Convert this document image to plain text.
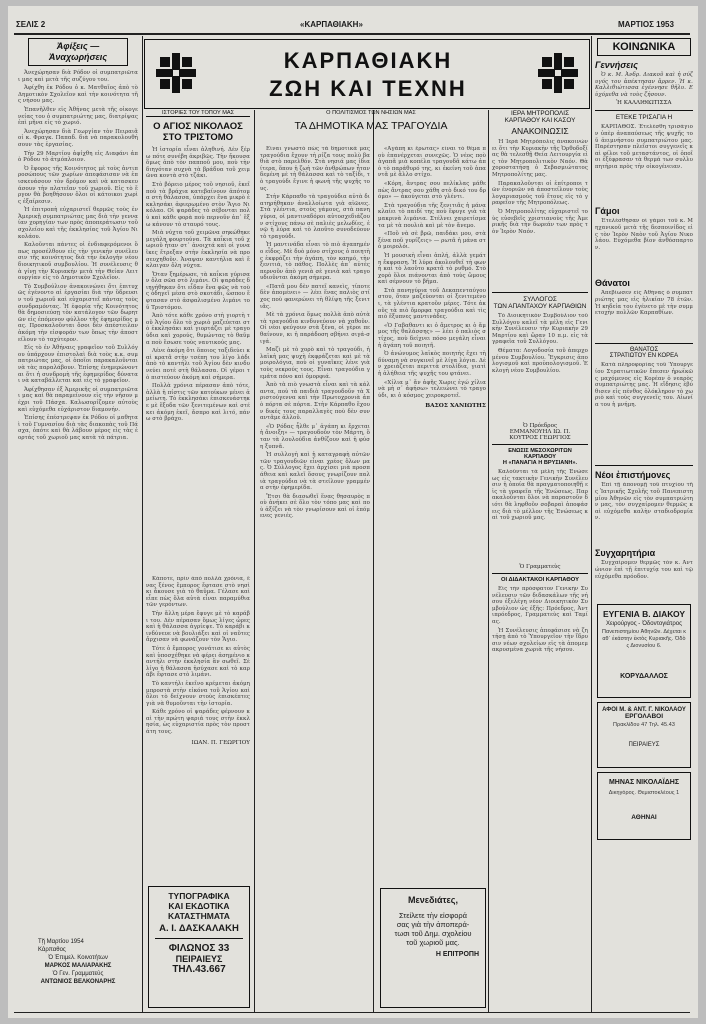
ΣΕΛΙΣ 2	«ΚΑΡΠΑΘΙΑΚΗ»	ΜΑΡΤΙΟΣ 1953
ΚΑΡΠΑΘΙΑΚΗ
ΖΩΗ ΚΑΙ ΤΕΧΝΗ
Ἀφίξεις — Ἀναχωρήσεις

Ἀνεχώρησαν διὰ Ρόδον οἱ συμπατριῶται μας καὶ μετὰ τῆς συζύγου του.

Ἀφίχθη ἐκ Ρόδου ὁ κ. Ματθαῖος ἀπὸ τὸ Δημοτικὸν Σχολεῖον καὶ τὴν κοινότητα τῆς νήσου μας.

Ἐπανῆλθεν εἰς Ἀθήνας μετὰ τῆς οἰκογενείας του ὁ συμπατριώτης μας, διατρίψας ἐπὶ μῆνα εἰς τὸ χωριό.

Ἀνεχώρησαν διὰ Γεωργίαν τὸν Πειραιᾶ οἱ κ. Φραγκ. Παπαδ. διὰ νὰ παρακολουθήσουν τὰς ἐργασίας.

Τὴν 29 Μαρτίου ἀφίχθη εἰς Διαφάνι ἀπὸ Ρόδου τὸ ἀτμόπλοιον.

Ὁ ἔφορος τῆς Κοινότητος μὲ τοὺς ἀντιπροσώπους τῶν χωρίων ἀπεφάσισαν νὰ ἐπισκευάσουν τὸν δρόμον καὶ νὰ κατασκευάσουν τὴν πλατεῖαν τοῦ χωριοῦ. Εἰς τὸ ἔργον θὰ βοηθήσουν ὅλοι οἱ κάτοικοι χωρὶς ἐξαίρεσιν.

Ἡ ἐπιτροπὴ εὐχαριστεῖ θερμῶς τοὺς ἐν Ἀμερικῇ συμπατριώτας μας διὰ τὴν γενναίαν χορηγίαν των πρὸς ἀποπεράτωσιν τοῦ σχολείου καὶ τῆς ἐκκλησίας τοῦ Ἁγίου Νικολάου.

Καλοῦνται πάντες οἱ ἐνδιαφερόμενοι ὅπως προσέλθουν εἰς τὴν γενικὴν συνέλευσιν τῆς κοινότητος διὰ τὴν ἐκλογὴν νέου διοικητικοῦ συμβουλίου. Ἡ συνέλευσις θὰ γίνῃ τὴν Κυριακήν μετὰ τὴν Θείαν Λειτουργίαν εἰς τὸ Δημοτικὸν Σχολεῖον.

Τὸ Συμβούλιον ἀνακοινώνει ὅτι ἐπιτυχῶς ἐγένοντο αἱ ἐργασίαι διὰ τὴν ὕδρευσιν τοῦ χωριοῦ καὶ εὐχαριστεῖ πάντας τοὺς συνδραμόντας. Ἡ ἐφορία τῆς Κοινότητος θὰ δημοσιεύσῃ τὸν κατάλογον τῶν δωρητῶν εἰς ἑπόμενον φύλλον τῆς ἐφημερίδος μας. Προσκαλοῦνται ὅσοι δὲν ἀπέστειλαν ἀκόμη τὴν εἰσφοράν των ὅπως τὴν ἀποστείλουν τὸ ταχύτερον.

Εἰς τὸ ἐν Ἀθήναις γραφεῖον τοῦ Συλλόγου ὑπάρχουν ἐπιστολαὶ διὰ τοὺς κ.κ. συμπατριώτας μας, οἱ ὁποῖοι παρακαλοῦνται νὰ τὰς παραλάβουν. Ἐπίσης ἐνημερώνονται ὅτι ἡ συνδρομὴ τῆς ἐφημερίδος δύναται νὰ καταβάλλεται καὶ εἰς τὸ γραφεῖον.

Ἀφίχθησαν ἐξ Ἀμερικῆς οἱ συμπατριῶται μας καὶ θὰ παραμείνουν εἰς τὴν νῆσον μέχρι τοῦ Πάσχα. Καλωσορίζομεν αὐτοὺς καὶ εὐχόμεθα εὐχάριστον διαμονήν.

Ἐπίσης ἐπέστρεψαν ἐκ Ρόδου οἱ μαθηταὶ τοῦ Γυμνασίου διὰ τὰς διακοπὰς τοῦ Πάσχα, ὁπότε καὶ θὰ λάβουν μέρος εἰς τὰς ἑορτάς τοῦ χωριοῦ μας κατὰ τὰ πάτρια.

Τῇ Μαρτίου 1954
Κάρπαθος
Ὁ Ἐπιμελ. Κοινοτήτων
ΜΑΡΚΟΣ ΜΑΛΙΑΡΑΚΗΣ
Ὁ Γεν. Γραμματεύς
ΑΝΤΩΝΙΟΣ ΒΕΛΚΟΝΑΡΗΣ
ΙΣΤΟΡΙΕΣ ΤΟΥ ΤΟΠΟΥ ΜΑΣ
Ο ΑΓΙΟΣ ΝΙΚΟΛΑΟΣ
ΣΤΟ ΤΡΙΣΤΟΜΟ

Ἡ ἱστορία εἶναι ἀληθινή. Δὲν ξέρω πότε συνέβη ἀκριβῶς. Τὴν ἤκουσα ὅμως ἀπὸ τὸν παπποῦ μου, ποὺ τὴν διηγόταν συχνὰ τὰ βράδυα τοῦ χειμῶνα κοντὰ στὸ τζάκι.

Στὸ βόρειο μέρος τοῦ νησιοῦ, ἐκεῖ ποὺ τὰ βράχια κατεβαίνουν ἀπότομα στὴ θάλασσα, ὑπάρχει ἕνα μικρὸ ἐκκλησάκι ἀφιερωμένο στὸν Ἅγιο Νικόλαο. Οἱ ψαράδες τὸ σέβονται πολὺ καὶ κάθε φορὰ ποὺ περνοῦν ἀπ᾽ ἔξω κάνουν τὸ σταυρό τους.

Μιὰ νύχτα τοῦ χειμῶνα σηκώθηκε μεγάλη φουρτούνα. Τὰ καΐκια τοῦ χωριοῦ ἦταν στ᾽ ἀνοιχτά καὶ οἱ γυναῖκες ἔτρεξαν στὴν ἐκκλησία νὰ προσευχηθοῦν. Ἀναψαν καντήλια καὶ ἔκλαιγαν ὅλη νύχτα.

Ὅταν ξημέρωσε, τὰ καΐκια γύρισαν ὅλα σῶα στὸ λιμάνι. Οἱ ψαράδες διηγήθηκαν ὅτι εἶδαν ἕνα φῶς νὰ τοὺς ὁδηγεῖ μέσα στὸ σκοτάδι, ὥσπου ἔφτασαν στὸ ἀσφαλισμένο λιμάνι τοῦ Τριστόμου.

Ἀπὸ τότε κάθε χρόνο στὴ γιορτὴ τοῦ Ἁγίου ὅλο τὸ χωριὸ μαζεύεται στὸ ἐκκλησάκι καὶ γιορτάζει μὲ τραγούδια καὶ χορούς, θυμώντας τὸ θαῦμα ποὺ ἔσωσε τοὺς ναυτικούς μας.

Λένε ἀκόμη ὅτι ὅποιος ταξιδεύει καὶ κρατᾶ στὴν τσέπη του λίγο λάδι ἀπὸ τὸ καντήλι τοῦ Ἁγίου δὲν κινδυνεύει ποτὲ στὴ θάλασσα. Οἱ γέροι τὸ πιστεύουν ἀκόμη καὶ σήμερα.

Πολλὰ χρόνια πέρασαν ἀπὸ τότε, ἀλλὰ ἡ πίστις τῶν κατοίκων μένει ἀμείωτη. Τὸ ἐκκλησάκι ἐπισκευάστηκε μὲ ἔξοδα τῶν ξενιτεμένων καὶ στέκει ἀκόμη ἐκεῖ, ἄσπρο καὶ λιτό, πάνω στὸ βράχο.

Κάποτε, πρὶν ἀπὸ πολλὰ χρόνια, ἕνας ξένος ἔμπορος ἔφτασε στὸ νησὶ κι ἄκουσε γιὰ τὸ θαῦμα. Γέλασε καὶ εἶπε πὼς ὅλα αὐτὰ εἶναι παραμύθια τῶν γερόντων.

Τὴν ἄλλη μέρα ἔφυγε μὲ τὸ καράβι του. Δὲν πέρασαν ὅμως λίγες ὧρες καὶ ἡ θάλασσα ἀγρίεψε. Τὸ καράβι κινδύνευε νὰ βουλιάξει καὶ οἱ ναῦτες ἄρχισαν νὰ φωνάζουν τὸν Ἅγιο.

Τότε ὁ ἔμπορος γονάτισε κι αὐτὸς καὶ ὑποσχέθηκε νὰ φέρει ἀσημένιο καντήλι στὴν ἐκκλησία ἂν σωθεῖ. Σὲ λίγο ἡ θάλασσα ἡσύχασε καὶ τὸ καράβι ἔφτασε στὸ λιμάνι.

Τὸ καντήλι ἐκεῖνο κρέμεται ἀκόμη μπροστὰ στὴν εἰκόνα τοῦ Ἁγίου καὶ ὅλοι τὸ δείχνουν στοὺς ἐπισκέπτες γιὰ νὰ θυμοῦνται τὴν ἱστορία.

Κάθε χρόνο οἱ ψαράδες φέρνουν καὶ τὴν πρώτη ψαριά τους στὴν ἐκκλησία, ὡς εὐχαριστία πρὸς τὸν προστάτη τους.

ΙΩΑΝ. Π. ΓΕΩΡΓΙΟΥ
ΤΥΠΟΓΡΑΦΙΚΑ
ΚΑΙ ΕΚΔΟΤΙΚΑ
ΚΑΤΑΣΤΗΜΑΤΑ
Α. Ι. ΔΑΣΚΑΛΑΚΗ
ΦΙΛΩΝΟΣ 33
ΠΕΙΡΑΙΕΥΣ
ΤΗΛ.43.667
Ο ΠΟΛΙΤΙΣΜΟΣ ΤΩΝ ΝΗΣΙΩΝ ΜΑΣ
ΤΑ ΔΗΜΟΤΙΚΑ ΜΑΣ ΤΡΑΓΟΥΔΙΑ

Εἶναι γνωστὸ πὼς τὰ δημοτικά μας τραγούδια ἔχουν τὴ ρίζα τους πολὺ βαθιὰ στὸ παρελθόν. Στὰ νησιά μας ἰδιαίτερα, ὅπου ἡ ζωὴ τῶν ἀνθρώπων ἦταν δεμένη μὲ τὴ θάλασσα καὶ τὸ ταξίδι, τὸ τραγούδι ἔγινε ἡ φωνὴ τῆς ψυχῆς τους.

Στὴν Κάρπαθο τὰ τραγούδια αὐτὰ διατηρήθηκαν ἀναλλοίωτα γιὰ αἰῶνες. Στὰ γλέντια, στοὺς γάμους, στὰ πανηγύρια, οἱ μαντιναδόροι αὐτοσχεδιάζουν στίχους πάνω σὲ παλιὲς μελωδίες, ἐνῷ ἡ λύρα καὶ τὸ λαοῦτο συνοδεύουν τὸ τραγούδι.

Ἡ μαντινάδα εἶναι τὸ πιὸ ἀγαπημένο εἶδος. Μὲ δυὸ μόνο στίχους ὁ ποιητὴς ἐκφράζει τὴν ἀγάπη, τὸν καημό, τὴν ξενιτιά, τὸ πάθος. Πολλὲς ἀπ᾽ αὐτὲς περνοῦν ἀπὸ γενιὰ σὲ γενιὰ καὶ τραγουδιοῦνται ἀκόμη σήμερα.

«Πατᾶ μου δὲν πατεῖ κανεὶς, τίποτε δὲν ἀπομένει» — λέει ἕνας παλιὸς στίχος ποὺ φανερώνει τὴ θλίψη τῆς ξενιτιᾶς.

Μὲ τὰ χρόνια ὅμως πολλὰ ἀπὸ αὐτὰ τὰ τραγούδια κινδυνεύουν νὰ χαθοῦν. Οἱ νέοι φεύγουν στὰ ξένα, οἱ γέροι πεθαίνουν, κι ἡ παράδοση σβήνει σιγά-σιγά.

Μαζὶ μὲ τὸ χορὸ καὶ τὸ τραγούδι, ἡ λαϊκὴ μας ψυχὴ ἐκφράζεται καὶ μὲ τὰ μοιρολόγια, ποὺ οἱ γυναῖκες λένε γιὰ τοὺς νεκρούς τους. Εἶναι τραγούδια γεμάτα πόνο καὶ ὀμορφιά.

Ἀπὸ τὰ πιὸ γνωστὰ εἶναι καὶ τὰ κάλαντα, ποὺ τὰ παιδιὰ τραγουδοῦν τὰ Χριστούγεννα καὶ τὴν Πρωτοχρονιὰ ἀπὸ πόρτα σὲ πόρτα. Στὴν Κάρπαθο ἔχουν δικές τους παραλλαγὲς ποὺ δὲν συναντᾶμε ἀλλοῦ.

«Ὁ Ρόδας ἦλθε μ᾽ ἀγάπη κι ἔρχεται ἡ ἄνοιξη» — τραγουδοῦν τὸν Μάρτη, ὅταν τὰ λουλούδια ἀνθίζουν καὶ ἡ φύση ξυπνᾶ.

Ἡ συλλογὴ καὶ ἡ καταγραφὴ αὐτῶν τῶν τραγουδιῶν εἶναι χρέος ὅλων μας. Ὁ Σύλλογος ἔχει ἀρχίσει μιὰ προσπάθεια καὶ καλεῖ ὅσους γνωρίζουν παλιὰ τραγούδια νὰ τὰ στείλουν γραμμένα στὴν ἐφημερίδα.

Ἔτσι θὰ διασωθεῖ ἕνας θησαυρὸς ποὺ ἀνήκει σὲ ὅλο τὸν τόπο μας καὶ ποὺ ἀξίζει νὰ τὸν γνωρίσουν καὶ οἱ ἑπόμενες γενιές.

«Ἀγάπη κι ἔρωτας» εἶναι τὸ θέμα ποὺ ἐπανέρχεται συνεχῶς. Ὁ νέος ποὺ ἀγαπᾶ μιὰ κοπέλα τραγουδᾶ κάτω ἀπὸ τὸ παράθυρό της, κι ἐκείνη τοῦ ἀπαντᾶ μὲ ἄλλο στίχο.

«Κόρη, ἄντρας σου πελίκλας μάθε πὼς ἄντρας σου χάθη στὸ δικό του δρόμο» — ἀκούγεται στὸ γλέντι.

Στὰ τραγούδια τῆς ξενιτιᾶς ἡ μάνα κλαίει τὸ παιδί της ποὺ ἔφυγε γιὰ τὰ μακρινὰ λιμάνια. Στέλνει χαιρετίσματα μὲ τὰ πουλιὰ καὶ μὲ τὸν ἄνεμο.

«Ποῦ νὰ σὲ βρῶ, παιδάκι μου, στὰ ξένα ποῦ γυρίζεις» — ρωτᾶ ἡ μάνα στὸ μοιρολόι.

Ἡ μουσικὴ εἶναι ἁπλή, ἀλλὰ γεμάτη ἔκφραση. Ἡ λύρα ἀκολουθεῖ τὴ φωνὴ καὶ τὸ λαοῦτο κρατᾶ τὸ ρυθμό. Στὸ χορὸ ὅλοι πιάνονται ἀπὸ τοὺς ὤμους καὶ σέρνουν τὸ βῆμα.

Στὰ πανηγύρια τοῦ Δεκαπενταύγουστου, ὅταν μαζεύονται οἱ ξενιτεμένοι, τὰ γλέντια κρατοῦν μέρες. Τότε ἀκοῦς τὰ πιὸ ὄμορφα τραγούδια καὶ τὶς πιὸ ἔξυπνες μαντινάδες.

«Ὁ Γαβαθαντι κι ὁ ἄμετρος κι ὁ ἄμμος τῆς θαλάσσης» — λέει ὁ παλιὸς στίχος, ποὺ δείχνει πόσο μεγάλη εἶναι ἡ ἀγάπη τοῦ ποιητῆ.

Ὁ ἀνώνυμος λαϊκὸς ποιητὴς ἔχει τὴ δύναμη νὰ συγκινεῖ μὲ λίγα λόγια. Δὲν χρειάζεται περιττὰ στολίδια, γιατὶ ἡ ἀλήθεια τῆς ψυχῆς του φτάνει.

«Χίλια μ᾽ ἄν ἀφῆς Χωρις ἐγώ χίλια νὰ μὴ σ᾽ ἀφήσω» τελειώνει τὸ τραγούδι, κι ὁ κόσμος χειροκροτεῖ.

ΒΑΣΟΣ ΧΑΝΙΩΤΗΣ
ΙΕΡΑ ΜΗΤΡΟΠΟΛΙΣ
ΚΑΡΠΑΘΟΥ ΚΑΙ ΚΑΣΟΥ
ΑΝΑΚΟΙΝΩΣΙΣ

Ἡ Ἱερὰ Μητρόπολις ἀνακοινώνει ὅτι τὴν Κυριακὴν τῆς Ὀρθοδοξίας θὰ τελεσθῇ Θεία Λειτουργία εἰς τὸν Μητροπολιτικὸν Ναόν. Θὰ χοροστατήσῃ ὁ Σεβασμιώτατος Μητροπολίτης μας.

Παρακαλοῦνται οἱ ἐπίτροποι τῶν ἐνοριῶν νὰ ἀποστείλουν τοὺς λογαριασμοὺς τοῦ ἔτους εἰς τὸ γραφεῖον τῆς Μητροπόλεως.

Ὁ Μητροπολίτης εὐχαριστεῖ τοὺς εὐσεβεῖς χριστιανοὺς τῆς Ἀμερικῆς διὰ τὴν δωρεάν των πρὸς τὸν Ἱερὸν Ναόν.

ΣΥΛΛΟΓΟΣ
ΤΩΝ ΑΠΑΝΤΑΧΟΥ ΚΑΡΠΑΘΙΩΝ

Τὸ Διοικητικὸν Συμβούλιον τοῦ Συλλόγου καλεῖ τὰ μέλη εἰς Γενικὴν Συνέλευσιν τὴν Κυριακὴν 29 Μαρτίου καὶ ὥραν 10 π.μ. εἰς τὰ γραφεῖα τοῦ Συλλόγου.

Θέματα: Λογοδοσία τοῦ ἀπερχομένου Συμβουλίου. Ἔγκρισις ἀπολογισμοῦ καὶ προϋπολογισμοῦ. Ἐκλογὴ νέου Συμβουλίου.

Ὁ Πρόεδρος
ΕΜΜΑΝΟΥΗΛ ΙΩ. Π.
ΚΟΥΤΡΟΣ ΓΕΩΡΓΙΟΣ
ΕΝΩΣΙΣ ΜΕΣΟΧΩΡΙΤΩΝ ΚΑΡΠΑΘΟΥ
Η «ΠΑΝΑΓΙΑ Η ΒΡΥΣΙΑΝΗ».

Καλοῦνται τὰ μέλη τῆς Ἑνώσεως εἰς τακτικὴν Γενικὴν Συνέλευσιν ἡ ὁποία θὰ πραγματοποιηθῇ εἰς τὰ γραφεῖα τῆς Ἑνώσεως. Παρακαλοῦνται ὅλοι νὰ παραστοῦν διότι θὰ ληφθοῦν σοβαραὶ ἀποφάσεις διὰ τὸ μέλλον τῆς Ἑνώσεως καὶ τοῦ χωριοῦ μας.

Ὁ Γραμματεὺς
ΟΙ ΔΙΔΑΚΤΑΚΟΙ ΚΑΡΠΑΘΟΥ

Εἰς τὴν πρόσφατον Γενικὴν Συνέλευσιν τῶν διδασκάλων τῆς νήσου ἐξελέγη νέον Διοικητικὸν Συμβούλιον ὡς ἑξῆς: Πρόεδρος, Ἀντιπρόεδρος, Γραμματεὺς καὶ Ταμίας.

Ἡ Συνέλευσις ἀπεφάσισε νὰ ζητήσῃ ἀπὸ τὸ Ὑπουργεῖον τὴν ἵδρυσιν νέων σχολείων εἰς τὰ ἀπομεμακρυσμένα χωριὰ τῆς νήσου.

Μενεδιάτες,
Στείλετε τὴν εἰσφορά
σας γιὰ τὴν ἀποπερά-
τωσι τοῦ Δημ. σχολείου
τοῦ χωριοῦ μας.
Η ΕΠΙΤΡΟΠΗ
ΚΟΙΝΩΝΙΚΑ
Γεννήσεις

Ὁ κ. Μ. Ἀνδρ. Διακοῦ καὶ ἡ σύζυγός του ἀπέκτησαν ἄρρεν. Ἡ κ. Καλλιθιώτισσα ἐγέννησε θῆλυ. Εὐχόμεθα νὰ τοὺς ζήσουν.

Ἡ ΚΑΛΛΙΘΙΩΤΙΣΣΑ
ΕΤΕΚΕ ΤΡΙΣΑΓΙΑ Η

ΚΑΡΠΑΘΟΣ. Ἐτελέσθη τρισάγιον ὑπὲρ ἀναπαύσεως τῆς ψυχῆς τοῦ ἀειμνήστου συμπατριώτου μας. Παρέστησαν πλεῖστοι συγγενεῖς καὶ φίλοι τοῦ μεταστάντος, οἱ ὁποῖοι ἐξέφρασαν τὰ θερμά των συλλυπητήρια πρὸς τὴν οἰκογένειαν.

Γάμοι

Ἐτελέσθησαν οἱ γάμοι τοῦ κ. Μηχανικοῦ μετὰ τῆς δεσποινίδος εἰς τὸν Ἱερὸν Ναὸν τοῦ Ἁγίου Νικολάου. Εὐχόμεθα βίον ἀνθόσπαρτον.

Θάνατοι

Ἀπεβίωσεν εἰς Ἀθήνας ὁ συμπατριώτης μας εἰς ἡλικίαν 78 ἐτῶν. Ἡ κηδεία του ἐγένετο μὲ τὴν συμμετοχὴν πολλῶν Καρπαθίων.

ΘΑΝΑΤΟΣ
ΣΤΡΑΤΙΩΤΟΥ ΕΝ ΚΟΡΕΑ

Κατὰ πληροφορίας τοῦ Ὑπουργείου Στρατιωτικῶν ἔπεσεν ἡρωϊκῶς μαχόμενος εἰς Κορέαν ὁ νεαρὸς συμπατριώτης μας. Ἡ εἴδησις ἐβύθισεν εἰς πένθος ὁλόκληρον τὸ χωριὸ καὶ τοὺς συγγενεῖς του. Αἰωνία του ἡ μνήμη.

Νέοι ἐπιστήμονες

Ἐπὶ τῇ ἀπονομῇ τοῦ πτυχίου τῆς Ἰατρικῆς Σχολῆς τοῦ Πανεπιστημίου Ἀθηνῶν εἰς τὸν συμπατριώτην μας, τὸν συγχαίρομεν θερμῶς καὶ εὐχόμεθα καλὴν σταδιοδρομίαν.

Συγχαρητήρια

Συγχαίρομεν θερμῶς τὸν κ. Ἀντώνιον ἐπὶ τῇ ἐπιτυχίᾳ του καὶ τῷ εὐχόμεθα πρόοδον.

ΕΥΓΕΝΙΑ Β. ΔΙΑΚΟΥ
Χειρούργος - Ὀδοντογιάτρος
Πανεπιστημίου Ἀθηνῶν. Δέχεται καθ᾽ ἑκάστην ἐκτὸς Κυριακῆς. Ὁδὸς Διονυσίου 6.
ΚΟΡΥΔΑΛΛΟΣ
ΑΦΟΙ Μ. & ΑΝΤ. Γ. ΝΙΚΟΛΑΟΥ
ΕΡΓΟΛΑΒΟΙ
Πρακλίδου 47 Τηλ. 45.43
ΠΕΙΡΑΙΕΥΣ
ΜΗΝΑΣ ΝΙΚΟΛΑΪΔΗΣ
Δικηγόρος. Θεμιστοκλέους 1
ΑΘΗΝΑΙ
